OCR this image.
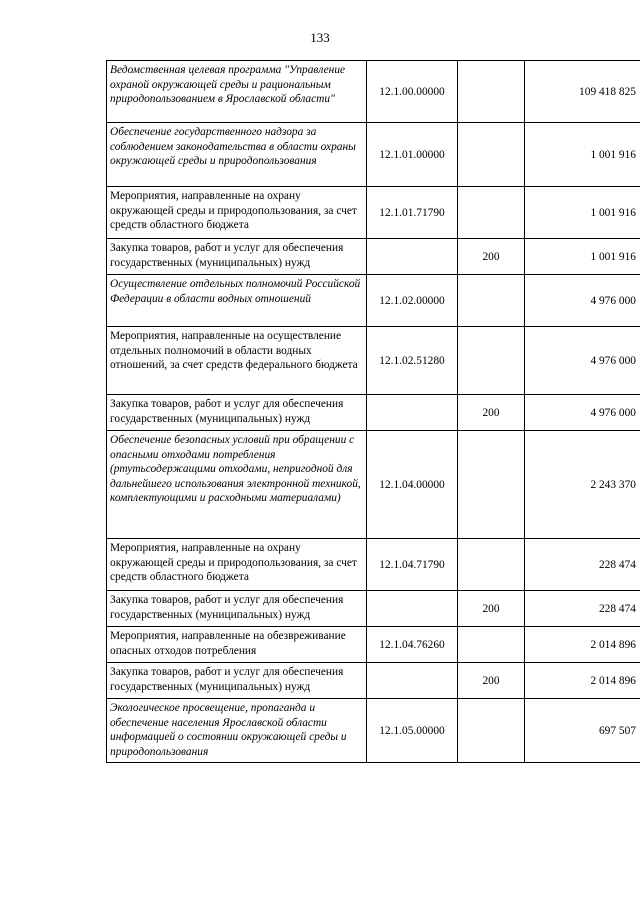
133
Ведомственная целевая программа "Управление охраной окружающей среды и рациональным природопользованием в Ярославской области"	12.1.00.00000		109 418 825
Обеспечение государственного надзора за соблюдением законодательства в области охраны окружающей среды и природопользования	12.1.01.00000		1 001 916
Мероприятия, направленные на охрану окружающей среды и природопользования, за счет средств областного бюджета	12.1.01.71790		1 001 916
Закупка товаров, работ и услуг для обеспечения государственных (муниципальных) нужд		200	1 001 916
Осуществление отдельных полномочий Российской Федерации в области водных отношений	12.1.02.00000		4 976 000
Мероприятия, направленные на осуществление отдельных полномочий в области водных отношений, за счет средств федерального бюджета	12.1.02.51280		4 976 000
Закупка товаров, работ и услуг для обеспечения государственных (муниципальных) нужд		200	4 976 000
Обеспечение безопасных условий при обращении с опасными отходами потребления (ртутьсодержащими отходами, непригодной для дальнейшего использования электронной техникой, комплектующими и расходными материалами)	12.1.04.00000		2 243 370
Мероприятия, направленные на охрану окружающей среды и природопользования, за счет средств областного бюджета	12.1.04.71790		228 474
Закупка товаров, работ и услуг для обеспечения государственных (муниципальных) нужд		200	228 474
Мероприятия, направленные на обезвреживание опасных отходов потребления	12.1.04.76260		2 014 896
Закупка товаров, работ и услуг для обеспечения государственных (муниципальных) нужд		200	2 014 896
Экологическое просвещение, пропаганда и обеспечение населения Ярославской области информацией о состоянии окружающей среды и природопользования	12.1.05.00000		697 507
